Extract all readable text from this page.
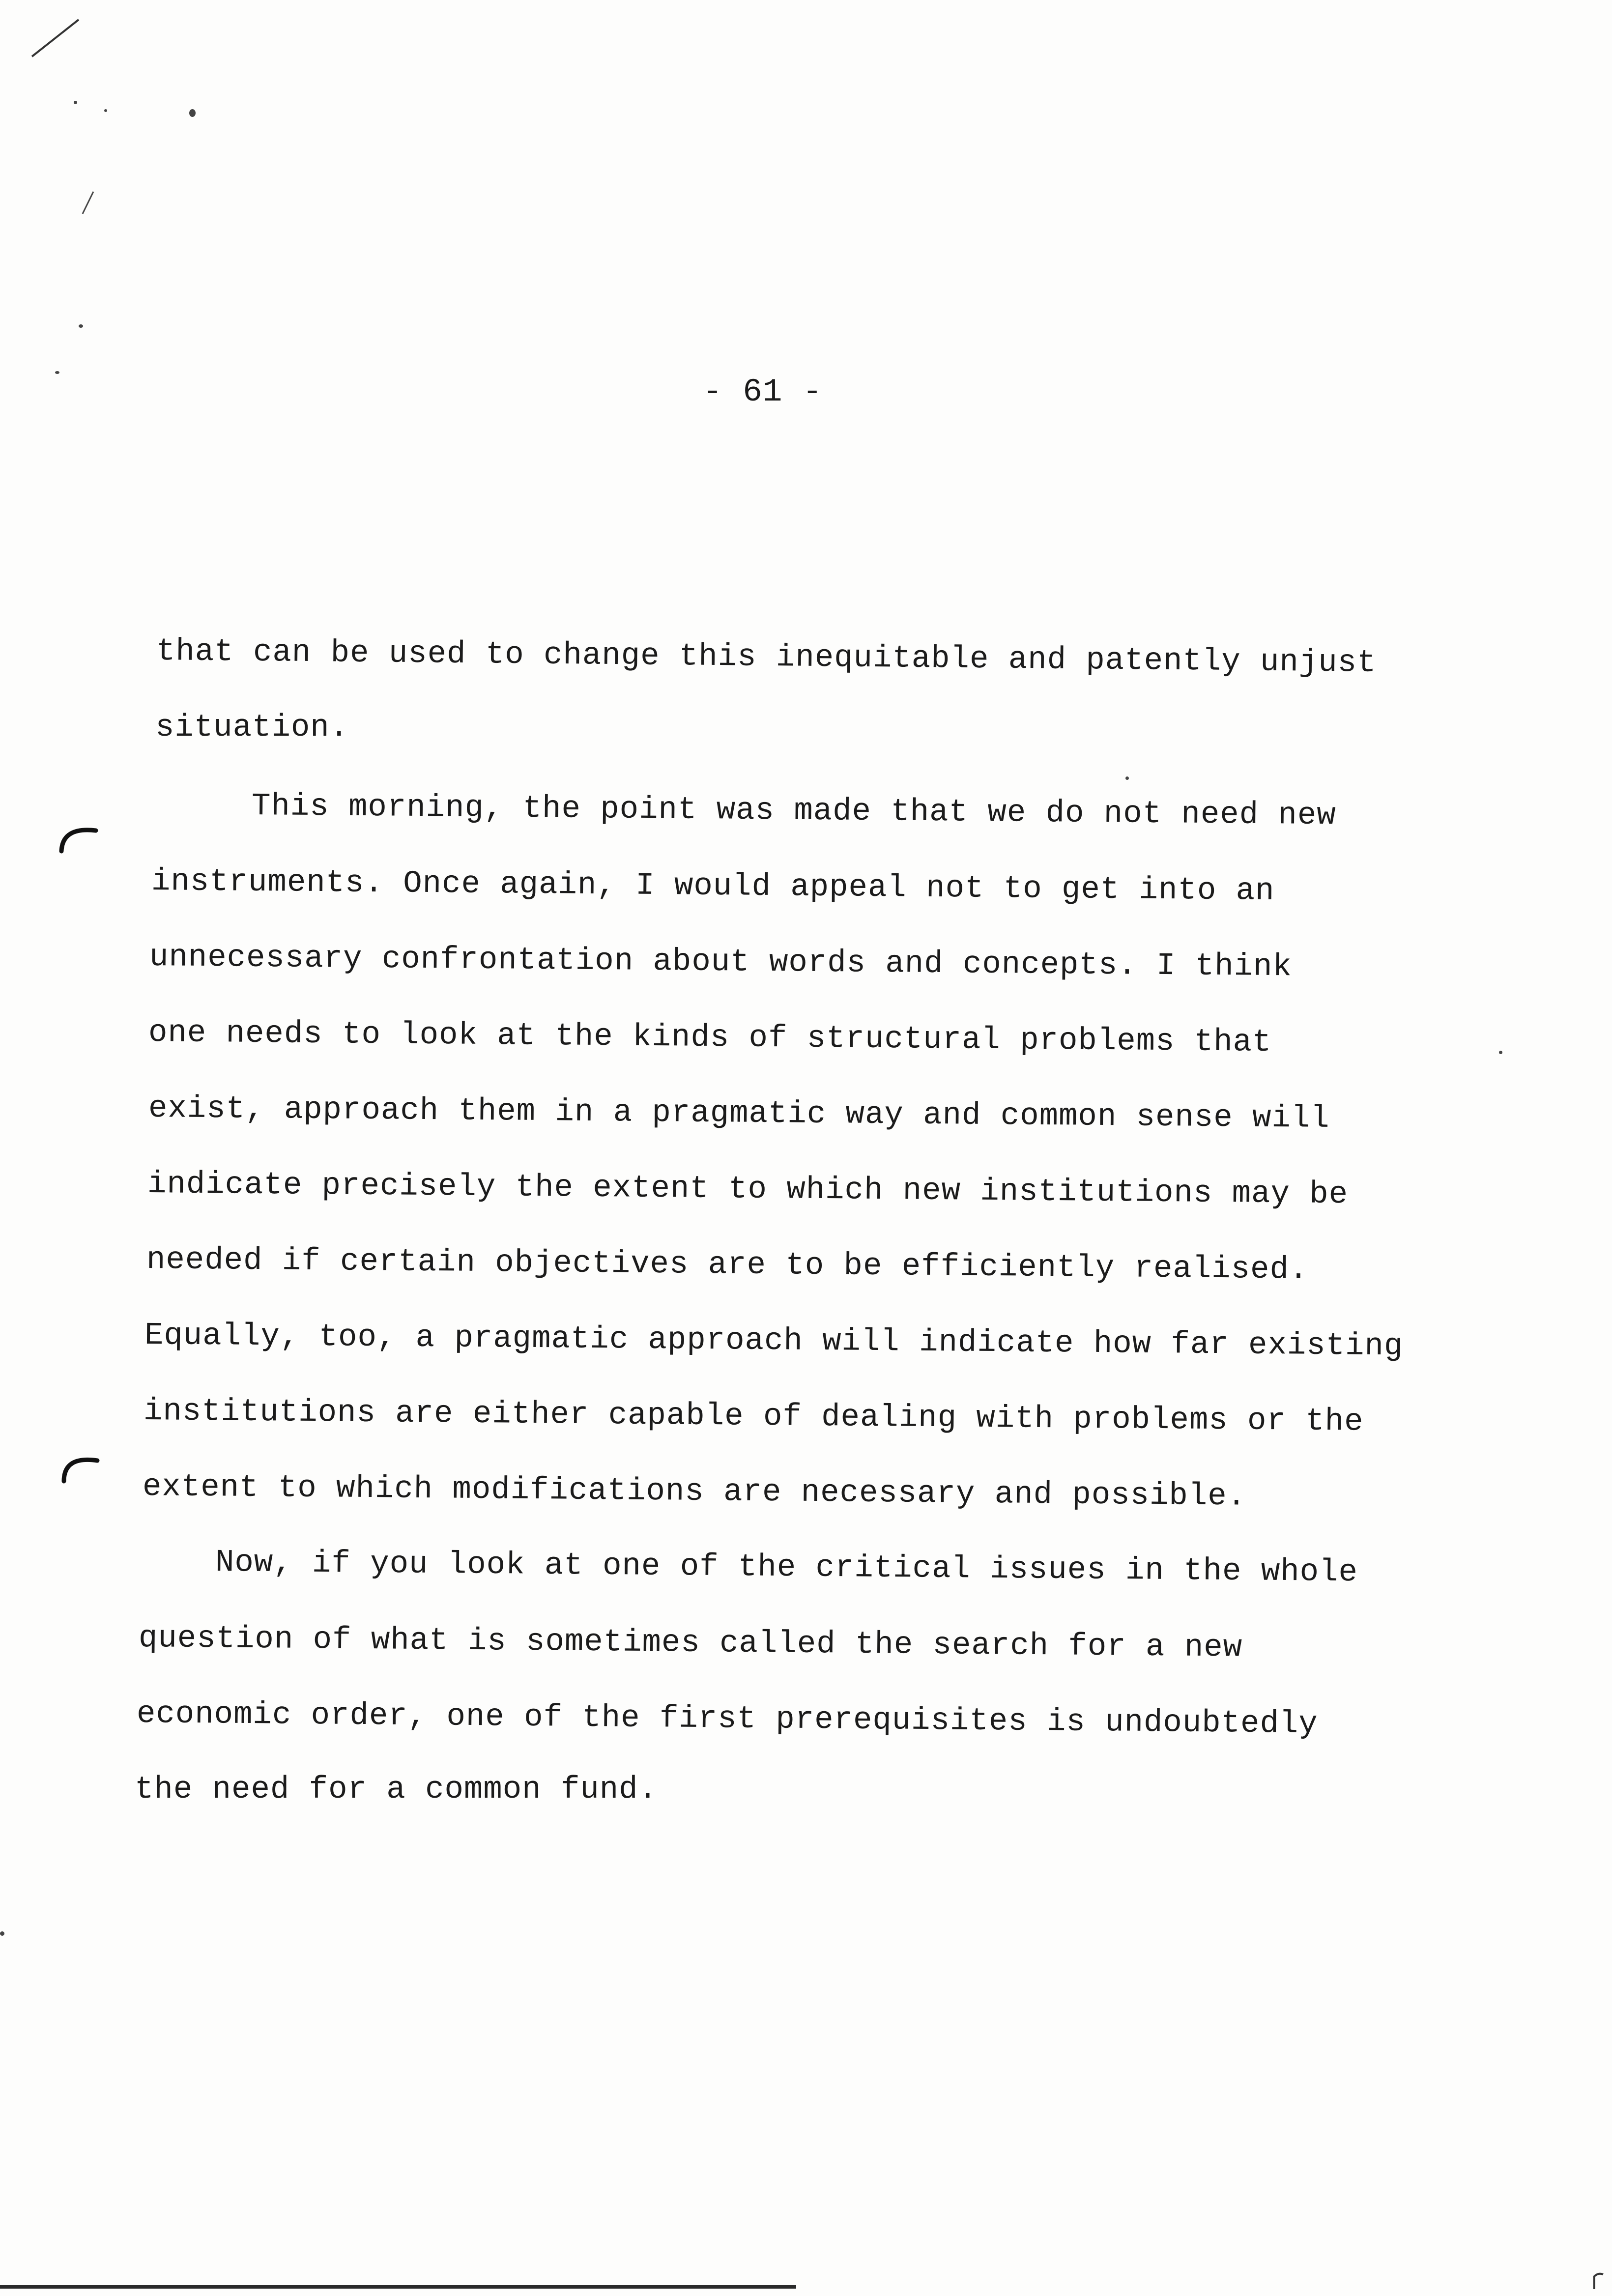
- 61 -
that can be used to change this inequitable and patently unjust
situation.
This morning, the point was made that we do not need new
instruments. Once again, I would appeal not to get into an
unnecessary confrontation about words and concepts. I think
one needs to look at the kinds of structural problems that
exist, approach them in a pragmatic way and common sense will
indicate precisely the extent to which new institutions may be
needed if certain objectives are to be efficiently realised.
Equally, too, a pragmatic approach will indicate how far existing
institutions are either capable of dealing with problems or the
extent to which modifications are necessary and possible.
Now, if you look at one of the critical issues in the whole
question of what is sometimes called the search for a new
economic order, one of the first prerequisites is undoubtedly
the need for a common fund.
